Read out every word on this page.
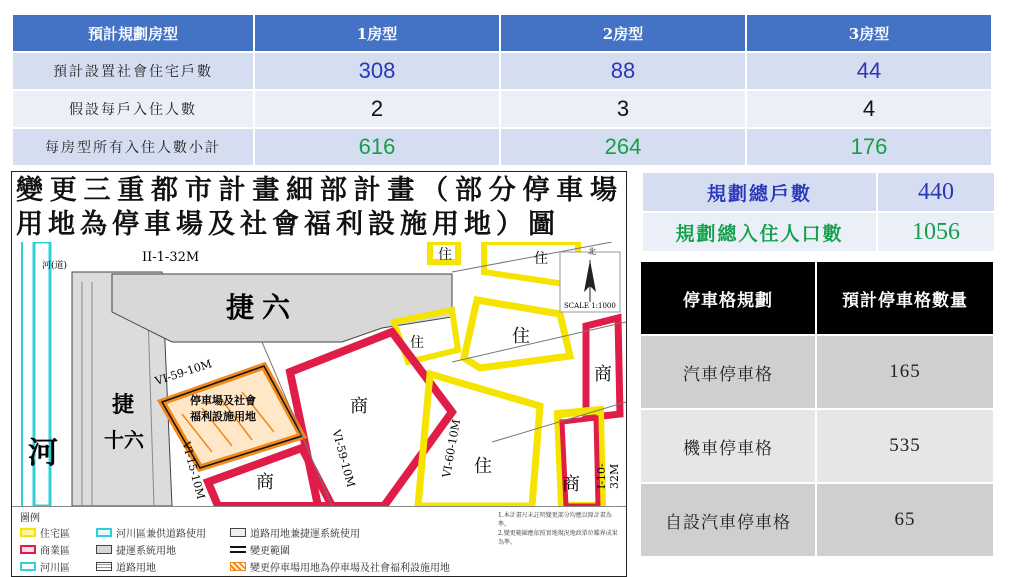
預計規劃房型	1房型	2房型	3房型
預計設置社會住宅戶數	308	88	44
假設每戶入住人數	2	3	4
每房型所有入住人數小計	616	264	176
規劃總戶數	440
規劃總入住人口數	1056
停車格規劃	預計停車格數量
汽車停車格	165
機車停車格	535
自設汽車停車格	65
變更三重都市計畫細部計畫（部分停車場用地為停車場及社會福利設施用地）圖
SCALE 1:1000
北
捷六
捷
十六
河
河(道)
II-1-32M
VI-59-10M
VI-60-10M
VI-15-10M	VI-59-10M	I-10-32M
住	住
住
住
住
商
商
商
商
停車場及社會
福利設施用地
圖例
住宅區	河川區兼供道路使用	道路用地兼捷運系統使用
商業區	捷運系統用地	變更範圍
河川區	道路用地	變更停車場用地為停車場及社會福利設施用地
1.本計畫尺未註明變更部分均應以原計畫為準。
2.變更範圍應依照實地現況地政單位鑑界成果為準。
